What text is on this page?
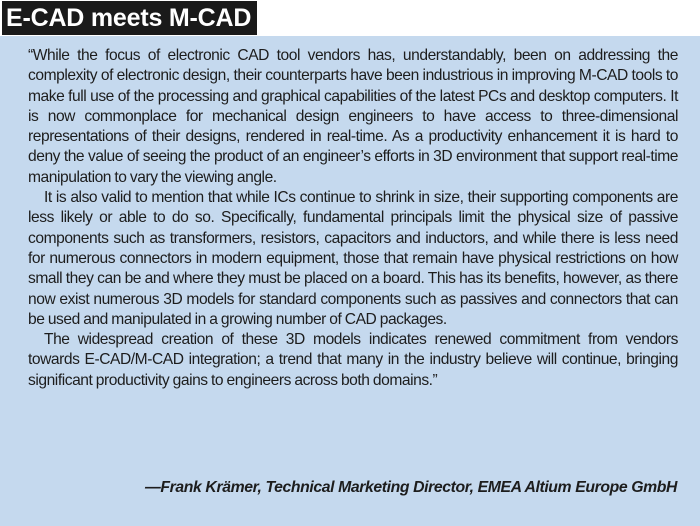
E-CAD meets M-CAD

“While the focus of electronic CAD tool vendors has, understandably, been on addressing the complexity of electronic design, their counterparts have been industrious in improving M-CAD tools to make full use of the processing and graphical capabilities of the latest PCs and desktop computers. It is now commonplace for mechanical design engineers to have access to three-dimensional representations of their designs, rendered in real-time. As a productivity enhancement it is hard to deny the value of seeing the product of an engineer’s efforts in 3D environment that support real-time manipulation to vary the viewing angle.

It is also valid to mention that while ICs continue to shrink in size, their supporting components are less likely or able to do so. Specifically, fundamental principals limit the physical size of passive components such as transformers, resistors, capacitors and inductors, and while there is less need for numerous connectors in modern equipment, those that remain have physical restrictions on how small they can be and where they must be placed on a board. This has its benefits, however, as there now exist numerous 3D models for standard components such as passives and connectors that can be used and manipulated in a growing number of CAD packages.

The widespread creation of these 3D models indicates renewed commitment from vendors towards E-CAD/M-CAD integration; a trend that many in the industry believe will continue, bringing significant productivity gains to engineers across both domains.”

—Frank Krämer, Technical Marketing Director, EMEA Altium Europe GmbH
